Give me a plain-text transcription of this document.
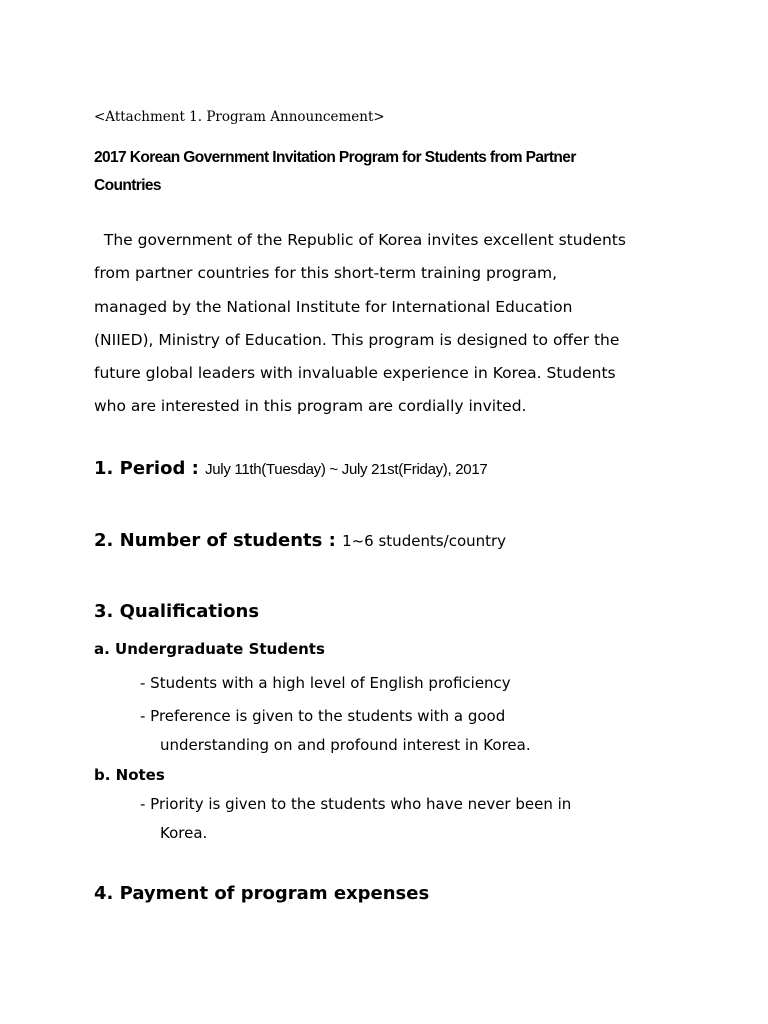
<Attachment 1. Program Announcement>
2017 Korean Government Invitation Program for Students from Partner
Countries
The government of the Republic of Korea invites excellent students
from partner countries for this short-term training program,
managed by the National Institute for International Education
(NIIED), Ministry of Education. This program is designed to offer the
future global leaders with invaluable experience in Korea. Students
who are interested in this program are cordially invited.
1. Period : July 11th(Tuesday) ~ July 21st(Friday), 2017
2. Number of students : 1~6 students/country
3. Qualifications
a. Undergraduate Students
- Students with a high level of English proficiency
- Preference is given to the students with a good
understanding on and profound interest in Korea.
b. Notes
- Priority is given to the students who have never been in
Korea.
4. Payment of program expenses
